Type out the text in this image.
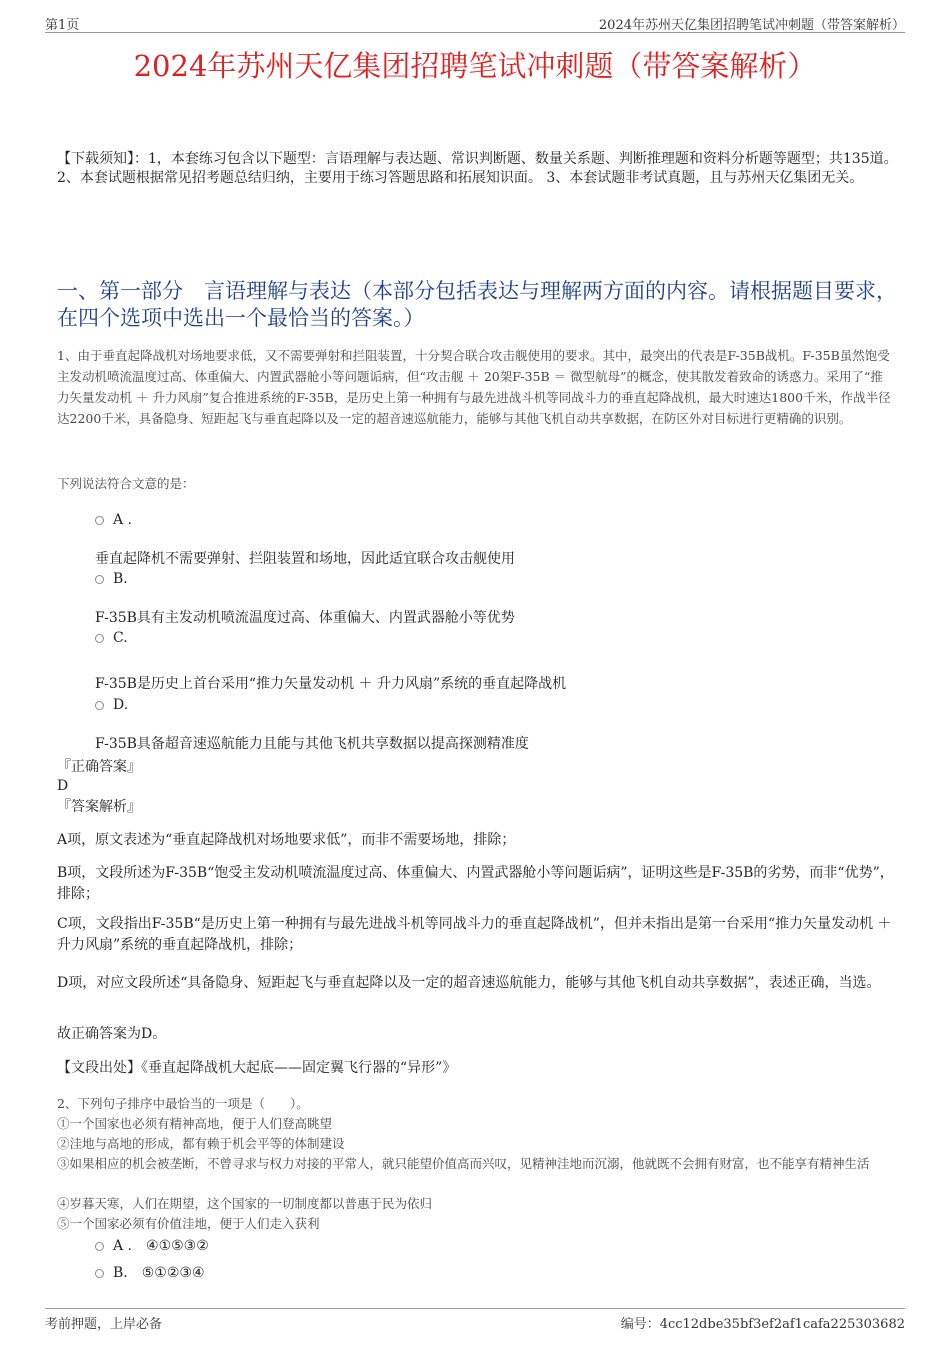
第1页	2024年苏州天亿集团招聘笔试冲刺题（带答案解析）
2024年苏州天亿集团招聘笔试冲刺题（带答案解析）
【下载须知】：1，本套练习包含以下题型：言语理解与表达题、常识判断题、数量关系题、判断推理题和资料分析题等题型；共135道。 2、本套试题根据常见招考题总结归纳，主要用于练习答题思路和拓展知识面。 3、本套试题非考试真题，且与苏州天亿集团无关。
一、第一部分　言语理解与表达（本部分包括表达与理解两方面的内容。请根据题目要求，在四个选项中选出一个最恰当的答案。）
1、由于垂直起降战机对场地要求低，又不需要弹射和拦阻装置，十分契合联合攻击舰使用的要求。其中，最突出的代表是F-35B战机。F-35B虽然饱受主发动机喷流温度过高、体重偏大、内置武器舱小等问题诟病，但“攻击舰 ＋ 20架F-35B ＝ 微型航母”的概念，使其散发着致命的诱惑力。采用了“推力矢量发动机 ＋ 升力风扇”复合推进系统的F-35B，是历史上第一种拥有与最先进战斗机等同战斗力的垂直起降战机，最大时速达1800千米，作战半径达2200千米，具备隐身、短距起飞与垂直起降以及一定的超音速巡航能力，能够与其他飞机自动共享数据，在防区外对目标进行更精确的识别。
下列说法符合文意的是：
A .
垂直起降机不需要弹射、拦阻装置和场地，因此适宜联合攻击舰使用
B.
F-35B具有主发动机喷流温度过高、体重偏大、内置武器舱小等优势
C.
F-35B是历史上首台采用“推力矢量发动机 ＋ 升力风扇”系统的垂直起降战机
D.
F-35B具备超音速巡航能力且能与其他飞机共享数据以提高探测精准度
『正确答案』
D
『答案解析』
A项，原文表述为“垂直起降战机对场地要求低”，而非不需要场地，排除；
B项，文段所述为F-35B“饱受主发动机喷流温度过高、体重偏大、内置武器舱小等问题诟病”，证明这些是F-35B的劣势，而非“优势”，排除；
C项，文段指出F-35B“是历史上第一种拥有与最先进战斗机等同战斗力的垂直起降战机”，但并未指出是第一台采用“推力矢量发动机 ＋ 升力风扇”系统的垂直起降战机，排除；
D项，对应文段所述“具备隐身、短距起飞与垂直起降以及一定的超音速巡航能力，能够与其他飞机自动共享数据”，表述正确，当选。
故正确答案为D。
【文段出处】《垂直起降战机大起底——固定翼飞行器的“异形”》
2、下列句子排序中最恰当的一项是（　　）。
①一个国家也必须有精神高地，便于人们登高眺望
②洼地与高地的形成，都有赖于机会平等的体制建设
③如果相应的机会被垄断，不曾寻求与权力对接的平常人，就只能望价值高而兴叹，见精神洼地而沉溺，他就既不会拥有财富，也不能享有精神生活
④岁暮天寒，人们在期望，这个国家的一切制度都以普惠于民为依归
⑤一个国家必须有价值洼地，便于人们走入获利
A . ④①⑤③②
B. ⑤①②③④
考前押题，上岸必备	编号：4cc12dbe35bf3ef2af1cafa225303682
